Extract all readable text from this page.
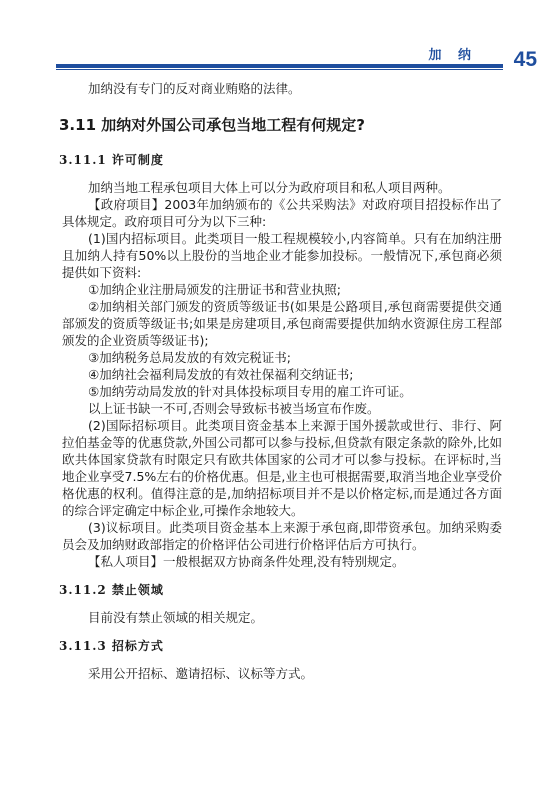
加 纳 45

加纳没有专门的反对商业贿赂的法律。

3.11 加纳对外国公司承包当地工程有何规定?

3.11.1 许可制度

加纳当地工程承包项目大体上可以分为政府项目和私人项目两种。

【政府项目】2003年加纳颁布的《公共采购法》对政府项目招投标作出了具体规定。政府项目可分为以下三种:

(1)国内招标项目。此类项目一般工程规模较小,内容简单。只有在加纳注册且加纳人持有50%以上股份的当地企业才能参加投标。一般情况下,承包商必须提供如下资料:

①加纳企业注册局颁发的注册证书和营业执照;

②加纳相关部门颁发的资质等级证书(如果是公路项目,承包商需要提供交通部颁发的资质等级证书;如果是房建项目,承包商需要提供加纳水资源住房工程部颁发的企业资质等级证书);

③加纳税务总局发放的有效完税证书;

④加纳社会福利局发放的有效社保福利交纳证书;

⑤加纳劳动局发放的针对具体投标项目专用的雇工许可证。

以上证书缺一不可,否则会导致标书被当场宣布作废。

(2)国际招标项目。此类项目资金基本上来源于国外援款或世行、非行、阿拉伯基金等的优惠贷款,外国公司都可以参与投标,但贷款有限定条款的除外,比如欧共体国家贷款有时限定只有欧共体国家的公司才可以参与投标。在评标时,当地企业享受7.5%左右的价格优惠。但是,业主也可根据需要,取消当地企业享受价格优惠的权利。值得注意的是,加纳招标项目并不是以价格定标,而是通过各方面的综合评定确定中标企业,可操作余地较大。

(3)议标项目。此类项目资金基本上来源于承包商,即带资承包。加纳采购委员会及加纳财政部指定的价格评估公司进行价格评估后方可执行。

【私人项目】一般根据双方协商条件处理,没有特别规定。

3.11.2 禁止领域

目前没有禁止领域的相关规定。

3.11.3 招标方式

采用公开招标、邀请招标、议标等方式。
